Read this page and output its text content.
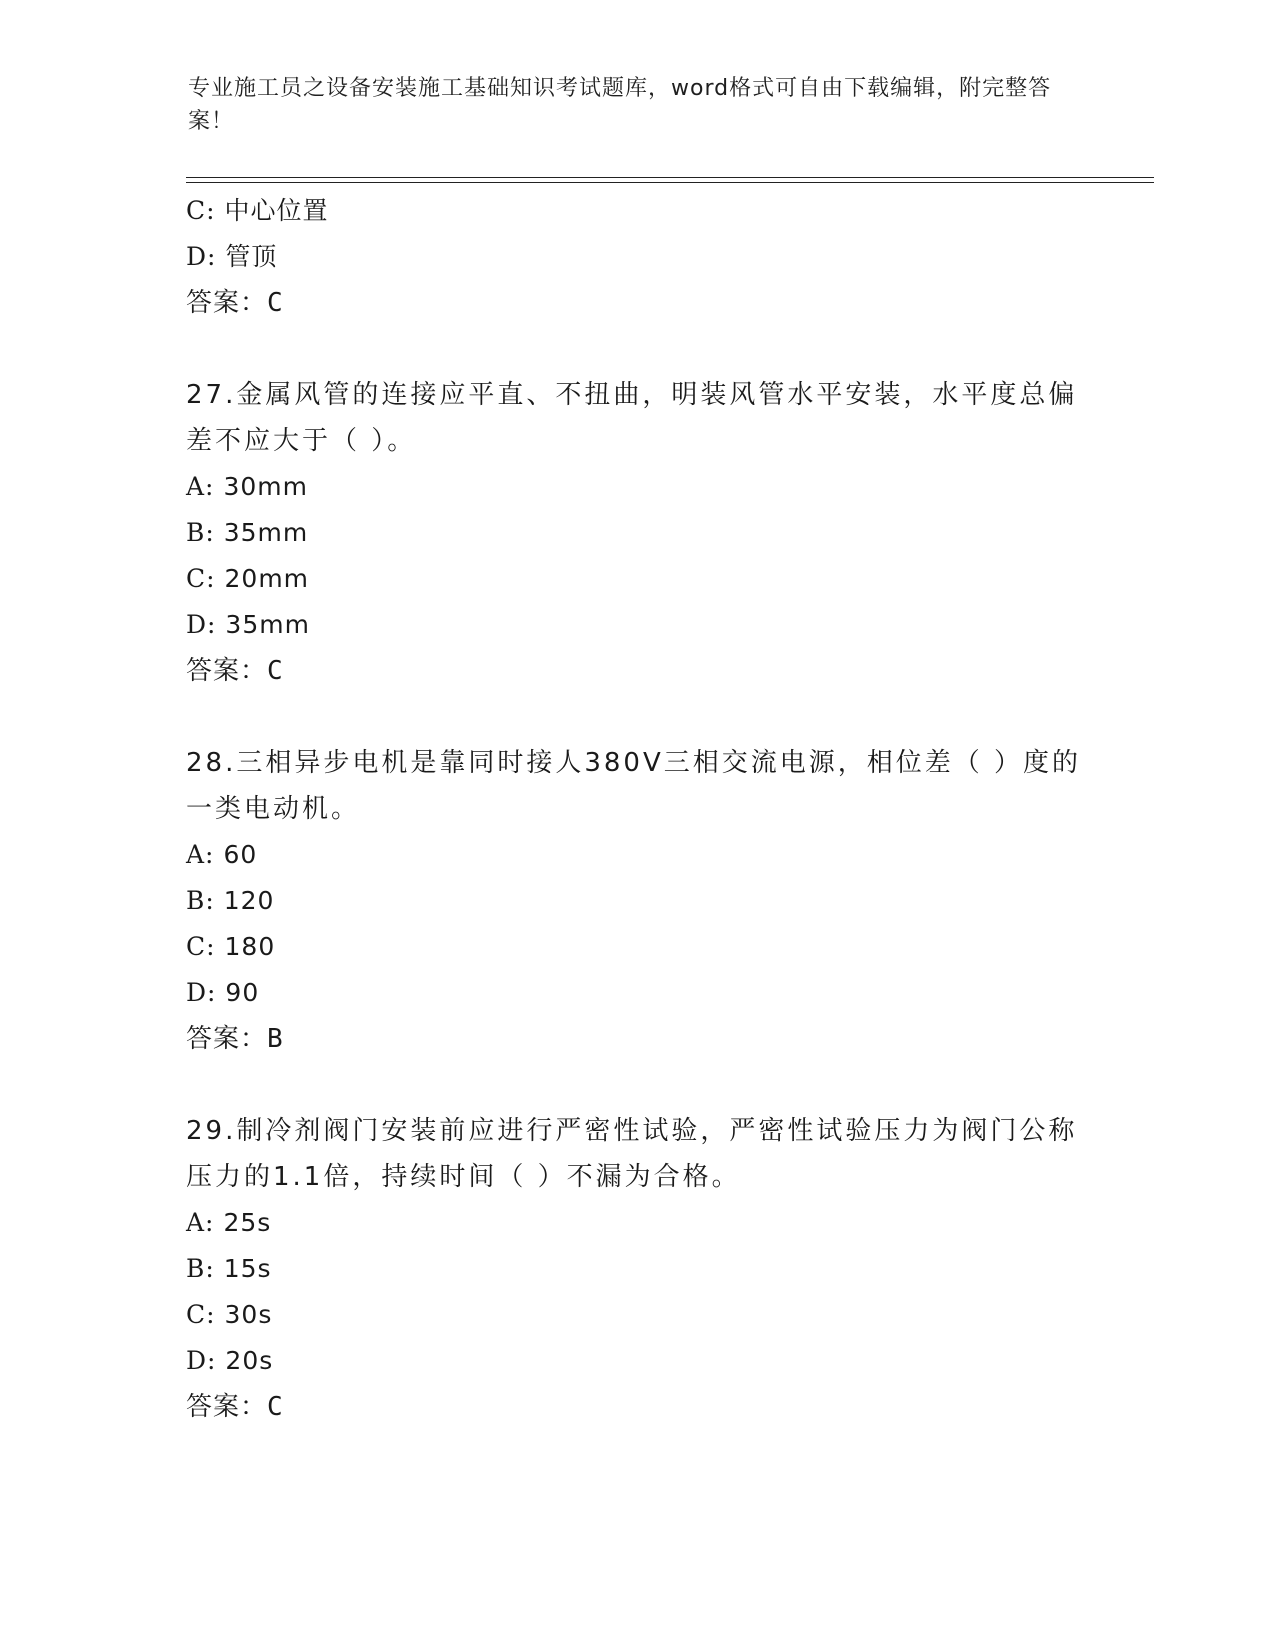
专业施工员之设备安装施工基础知识考试题库，word格式可自由下载编辑，附完整答案！
C: 中心位置
D: 管顶
答案：C
27.金属风管的连接应平直、不扭曲，明装风管水平安装，水平度总偏差不应大于（ ）。
A: 30mm
B: 35mm
C: 20mm
D: 35mm
答案：C
28.三相异步电机是靠同时接人380V三相交流电源，相位差（ ）度的一类电动机。
A: 60
B: 120
C: 180
D: 90
答案：B
29.制冷剂阀门安装前应进行严密性试验，严密性试验压力为阀门公称压力的1.1倍，持续时间（ ）不漏为合格。
A: 25s
B: 15s
C: 30s
D: 20s
答案：C
